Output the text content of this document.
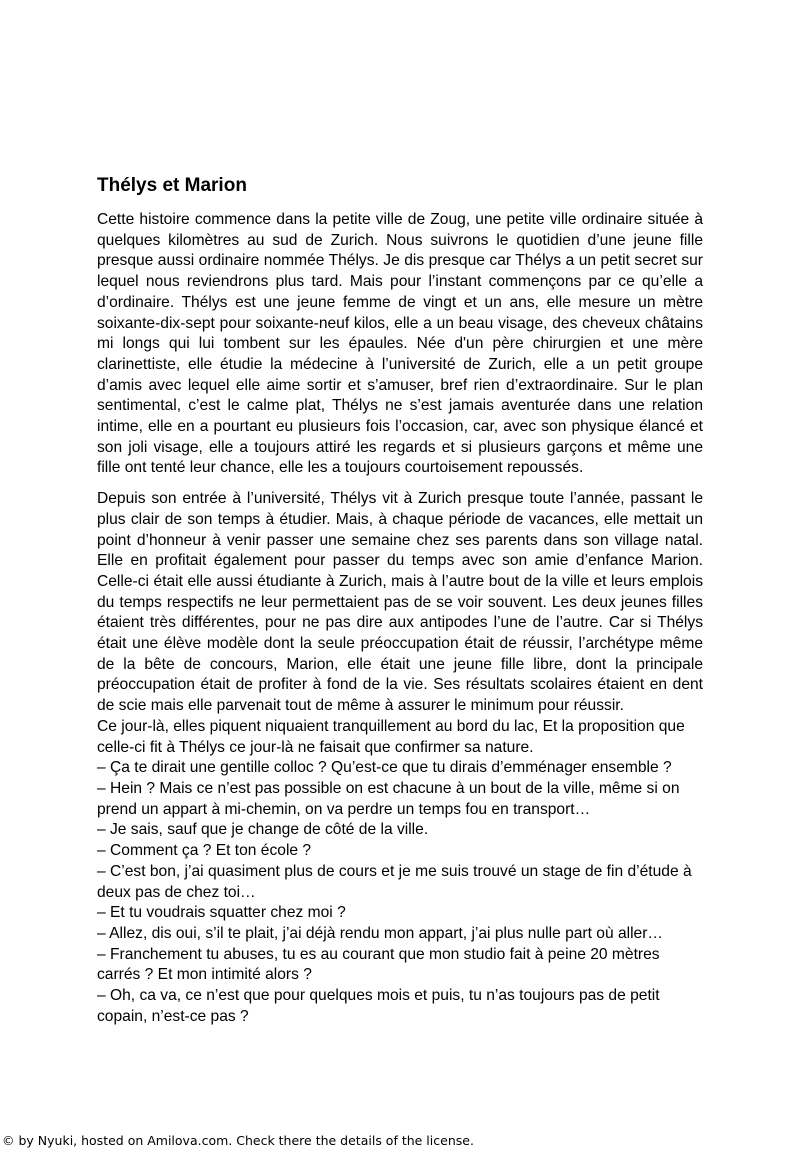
Thélys et Marion

Cette histoire commence dans la petite ville de Zoug, une petite ville ordinaire située à quelques kilomètres au sud de Zurich. Nous suivrons le quotidien d’une jeune fille presque aussi ordinaire nommée Thélys. Je dis presque car Thélys a un petit secret sur lequel nous reviendrons plus tard. Mais pour l’instant commençons par ce qu’elle a d’ordinaire. Thélys est une jeune femme de vingt et un ans, elle mesure un mètre soixante-dix-sept pour soixante-neuf kilos, elle a un beau visage, des cheveux châtains mi longs qui lui tombent sur les épaules. Née d'un père chirurgien et une mère clarinettiste, elle étudie la médecine à l’université de Zurich, elle a un petit groupe d’amis avec lequel elle aime sortir et s’amuser, bref rien d’extraordinaire. Sur le plan sentimental, c’est le calme plat, Thélys ne s’est jamais aventurée dans une relation intime, elle en a pourtant eu plusieurs fois l’occasion, car, avec son physique élancé et son joli visage, elle a toujours attiré les regards et si plusieurs garçons et même une fille ont tenté leur chance, elle les a toujours courtoisement repoussés.

Depuis son entrée à l’université, Thélys vit à Zurich presque toute l’année, passant le plus clair de son temps à étudier. Mais, à chaque période de vacances, elle mettait un point d’honneur à venir passer une semaine chez ses parents dans son village natal. Elle en profitait également pour passer du temps avec son amie d’enfance Marion. Celle-ci était elle aussi étudiante à Zurich, mais à l’autre bout de la ville et leurs emplois du temps respectifs ne leur permettaient pas de se voir souvent. Les deux jeunes filles étaient très différentes, pour ne pas dire aux antipodes l’une de l’autre. Car si Thélys était une élève modèle dont la seule préoccupation était de réussir, l’archétype même de la bête de concours, Marion, elle était une jeune fille libre, dont la principale préoccupation était de profiter à fond de la vie. Ses résultats scolaires étaient en dent de scie mais elle parvenait tout de même à assurer le minimum pour réussir.

Ce jour-là, elles piquent niquaient tranquillement au bord du lac, Et la proposition que celle-ci fit à Thélys ce jour-là ne faisait que confirmer sa nature.

– Ça te dirait une gentille colloc ? Qu’est-ce que tu dirais d’emménager ensemble ?

– Hein ? Mais ce n’est pas possible on est chacune à un bout de la ville, même si on prend un appart à mi-chemin, on va perdre un temps fou en transport…

– Je sais, sauf que je change de côté de la ville.

– Comment ça ? Et ton école ?

– C’est bon, j’ai quasiment plus de cours et je me suis trouvé un stage de fin d’étude à deux pas de chez toi…

– Et tu voudrais squatter chez moi ?

– Allez, dis oui, s’il te plait, j’ai déjà rendu mon appart, j’ai plus nulle part où aller…

– Franchement tu abuses, tu es au courant que mon studio fait à peine 20 mètres carrés ? Et mon intimité alors ?

– Oh, ca va, ce n’est que pour quelques mois et puis, tu n’as toujours pas de petit copain, n’est-ce pas ?

© by Nyuki, hosted on Amilova.com. Check there the details of the license.
